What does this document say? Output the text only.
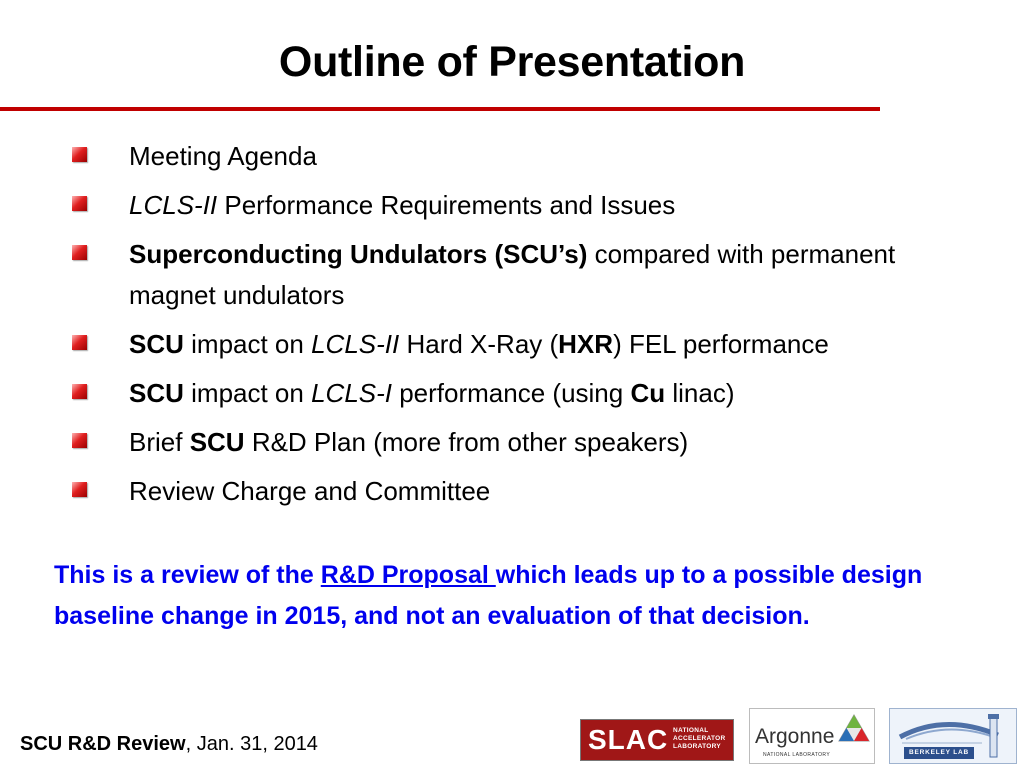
Outline of Presentation
Meeting Agenda
LCLS-II Performance Requirements and Issues
Superconducting Undulators (SCU’s) compared with permanent magnet undulators
SCU impact on LCLS-II Hard X-Ray (HXR) FEL performance
SCU impact on LCLS-I performance (using Cu linac)
Brief SCU R&D Plan (more from other speakers)
Review Charge and Committee
This is a review of the R&D Proposal which leads up to a possible design baseline change in 2015, and not an evaluation of that decision.
SCU R&D Review, Jan. 31, 2014	SLAC NATIONAL
ACCELERATOR
LABORATORY Argonne
NATIONAL LABORATORY	BERKELEY LAB
